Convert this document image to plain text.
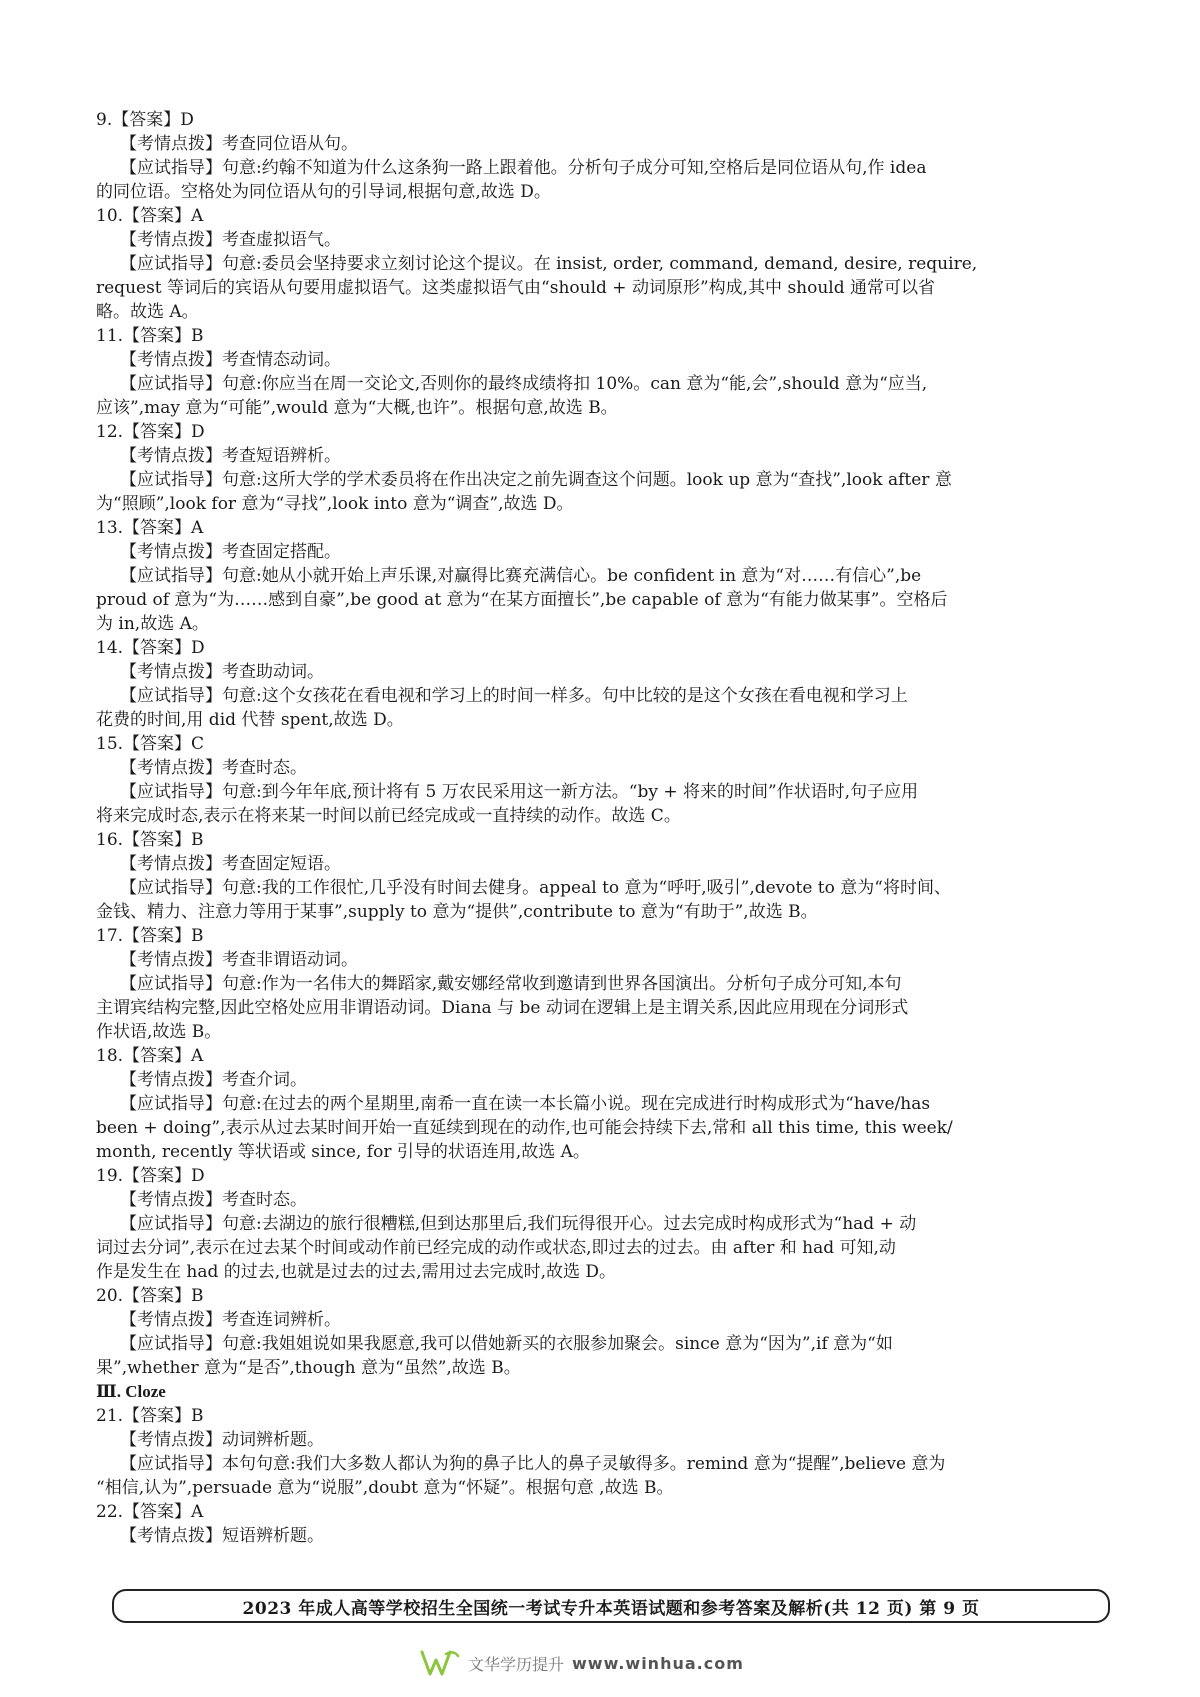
9.【答案】D
【考情点拨】考查同位语从句。
【应试指导】句意:约翰不知道为什么这条狗一路上跟着他。分析句子成分可知,空格后是同位语从句,作 idea
的同位语。空格处为同位语从句的引导词,根据句意,故选 D。
10.【答案】A
【考情点拨】考查虚拟语气。
【应试指导】句意:委员会坚持要求立刻讨论这个提议。在 insist, order, command, demand, desire, require,
request 等词后的宾语从句要用虚拟语气。这类虚拟语气由“should + 动词原形”构成,其中 should 通常可以省
略。故选 A。
11.【答案】B
【考情点拨】考查情态动词。
【应试指导】句意:你应当在周一交论文,否则你的最终成绩将扣 10%。can 意为“能,会”,should 意为“应当,
应该”,may 意为“可能”,would 意为“大概,也许”。根据句意,故选 B。
12.【答案】D
【考情点拨】考查短语辨析。
【应试指导】句意:这所大学的学术委员将在作出决定之前先调查这个问题。look up 意为“查找”,look after 意
为“照顾”,look for 意为“寻找”,look into 意为“调查”,故选 D。
13.【答案】A
【考情点拨】考查固定搭配。
【应试指导】句意:她从小就开始上声乐课,对赢得比赛充满信心。be confident in 意为“对……有信心”,be
proud of 意为“为……感到自豪”,be good at 意为“在某方面擅长”,be capable of 意为“有能力做某事”。空格后
为 in,故选 A。
14.【答案】D
【考情点拨】考查助动词。
【应试指导】句意:这个女孩花在看电视和学习上的时间一样多。句中比较的是这个女孩在看电视和学习上
花费的时间,用 did 代替 spent,故选 D。
15.【答案】C
【考情点拨】考查时态。
【应试指导】句意:到今年年底,预计将有 5 万农民采用这一新方法。“by + 将来的时间”作状语时,句子应用
将来完成时态,表示在将来某一时间以前已经完成或一直持续的动作。故选 C。
16.【答案】B
【考情点拨】考查固定短语。
【应试指导】句意:我的工作很忙,几乎没有时间去健身。appeal to 意为“呼吁,吸引”,devote to 意为“将时间、
金钱、精力、注意力等用于某事”,supply to 意为“提供”,contribute to 意为“有助于”,故选 B。
17.【答案】B
【考情点拨】考查非谓语动词。
【应试指导】句意:作为一名伟大的舞蹈家,戴安娜经常收到邀请到世界各国演出。分析句子成分可知,本句
主谓宾结构完整,因此空格处应用非谓语动词。Diana 与 be 动词在逻辑上是主谓关系,因此应用现在分词形式
作状语,故选 B。
18.【答案】A
【考情点拨】考查介词。
【应试指导】句意:在过去的两个星期里,南希一直在读一本长篇小说。现在完成进行时构成形式为“have/has
been + doing”,表示从过去某时间开始一直延续到现在的动作,也可能会持续下去,常和 all this time, this week/
month, recently 等状语或 since, for 引导的状语连用,故选 A。
19.【答案】D
【考情点拨】考查时态。
【应试指导】句意:去湖边的旅行很糟糕,但到达那里后,我们玩得很开心。过去完成时构成形式为“had + 动
词过去分词”,表示在过去某个时间或动作前已经完成的动作或状态,即过去的过去。由 after 和 had 可知,动
作是发生在 had 的过去,也就是过去的过去,需用过去完成时,故选 D。
20.【答案】B
【考情点拨】考查连词辨析。
【应试指导】句意:我姐姐说如果我愿意,我可以借她新买的衣服参加聚会。since 意为“因为”,if 意为“如
果”,whether 意为“是否”,though 意为“虽然”,故选 B。
Ⅲ. Cloze
21.【答案】B
【考情点拨】动词辨析题。
【应试指导】本句句意:我们大多数人都认为狗的鼻子比人的鼻子灵敏得多。remind 意为“提醒”,believe 意为
“相信,认为”,persuade 意为“说服”,doubt 意为“怀疑”。根据句意 ,故选 B。
22.【答案】A
【考情点拨】短语辨析题。
2023 年成人高等学校招生全国统一考试专升本英语试题和参考答案及解析(共 12 页) 第 9 页
文华学历提升 www.winhua.com
